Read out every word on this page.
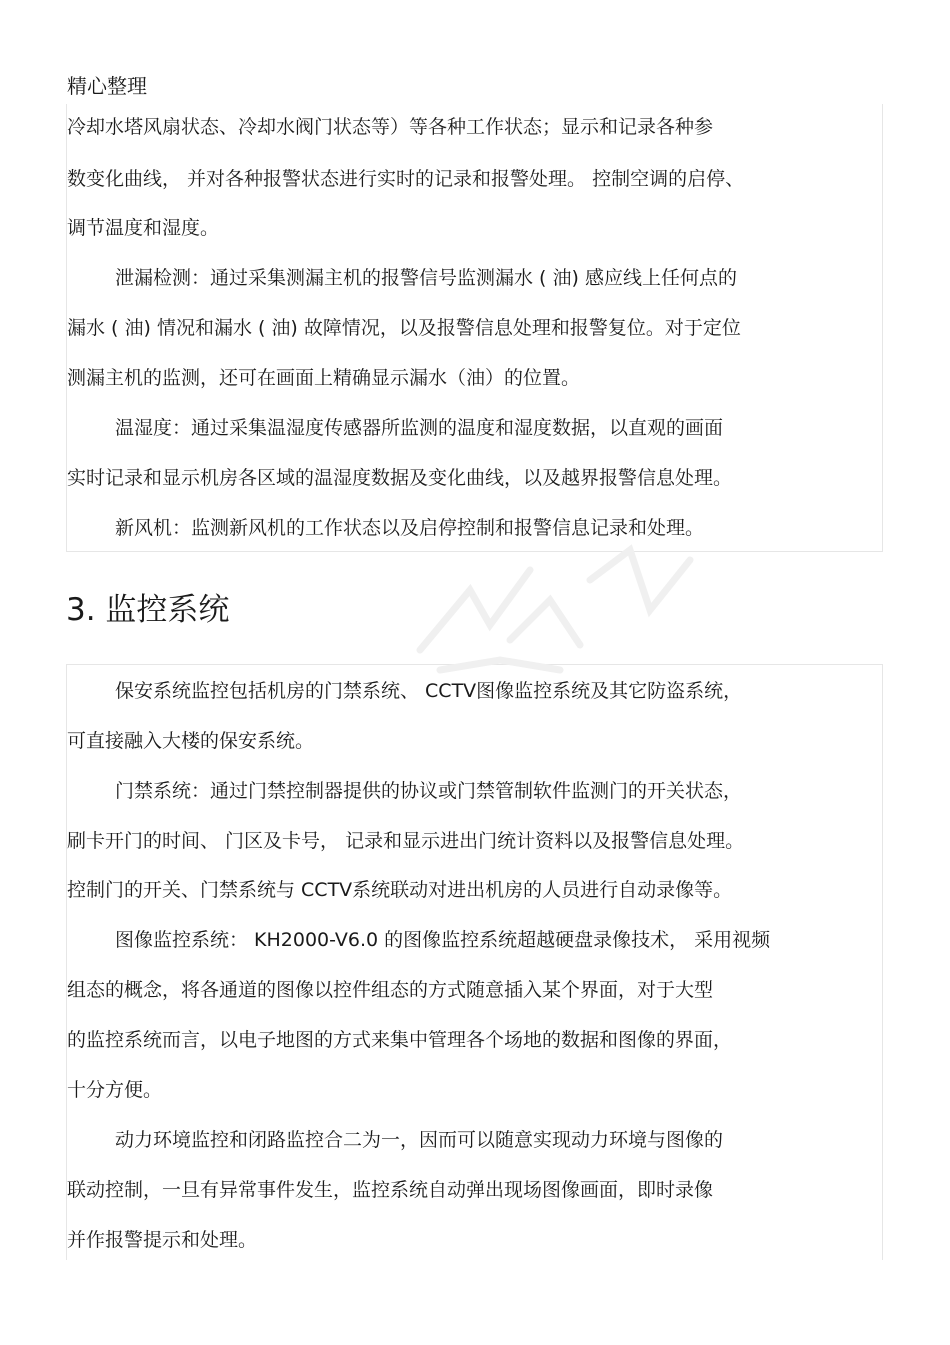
精心整理
冷却水塔风扇状态、冷却水阀门状态等）等各种工作状态；显示和记录各种参
数变化曲线， 并对各种报警状态进行实时的记录和报警处理。 控制空调的启停、
调节温度和湿度。
泄漏检测：通过采集测漏主机的报警信号监测漏水 ( 油) 感应线上任何点的
漏水 ( 油) 情况和漏水 ( 油) 故障情况，以及报警信息处理和报警复位。对于定位
测漏主机的监测，还可在画面上精确显示漏水（油）的位置。
温湿度：通过采集温湿度传感器所监测的温度和湿度数据，以直观的画面
实时记录和显示机房各区域的温湿度数据及变化曲线，以及越界报警信息处理。
新风机：监测新风机的工作状态以及启停控制和报警信息记录和处理。
3. 监控系统
保安系统监控包括机房的门禁系统、 CCTV图像监控系统及其它防盗系统，
可直接融入大楼的保安系统。
门禁系统：通过门禁控制器提供的协议或门禁管制软件监测门的开关状态，
刷卡开门的时间、 门区及卡号， 记录和显示进出门统计资料以及报警信息处理。
控制门的开关、门禁系统与 CCTV系统联动对进出机房的人员进行自动录像等。
图像监控系统： KH2000-V6.0 的图像监控系统超越硬盘录像技术， 采用视频
组态的概念，将各通道的图像以控件组态的方式随意插入某个界面，对于大型
的监控系统而言，以电子地图的方式来集中管理各个场地的数据和图像的界面，
十分方便。
动力环境监控和闭路监控合二为一，因而可以随意实现动力环境与图像的
联动控制，一旦有异常事件发生，监控系统自动弹出现场图像画面，即时录像
并作报警提示和处理。
